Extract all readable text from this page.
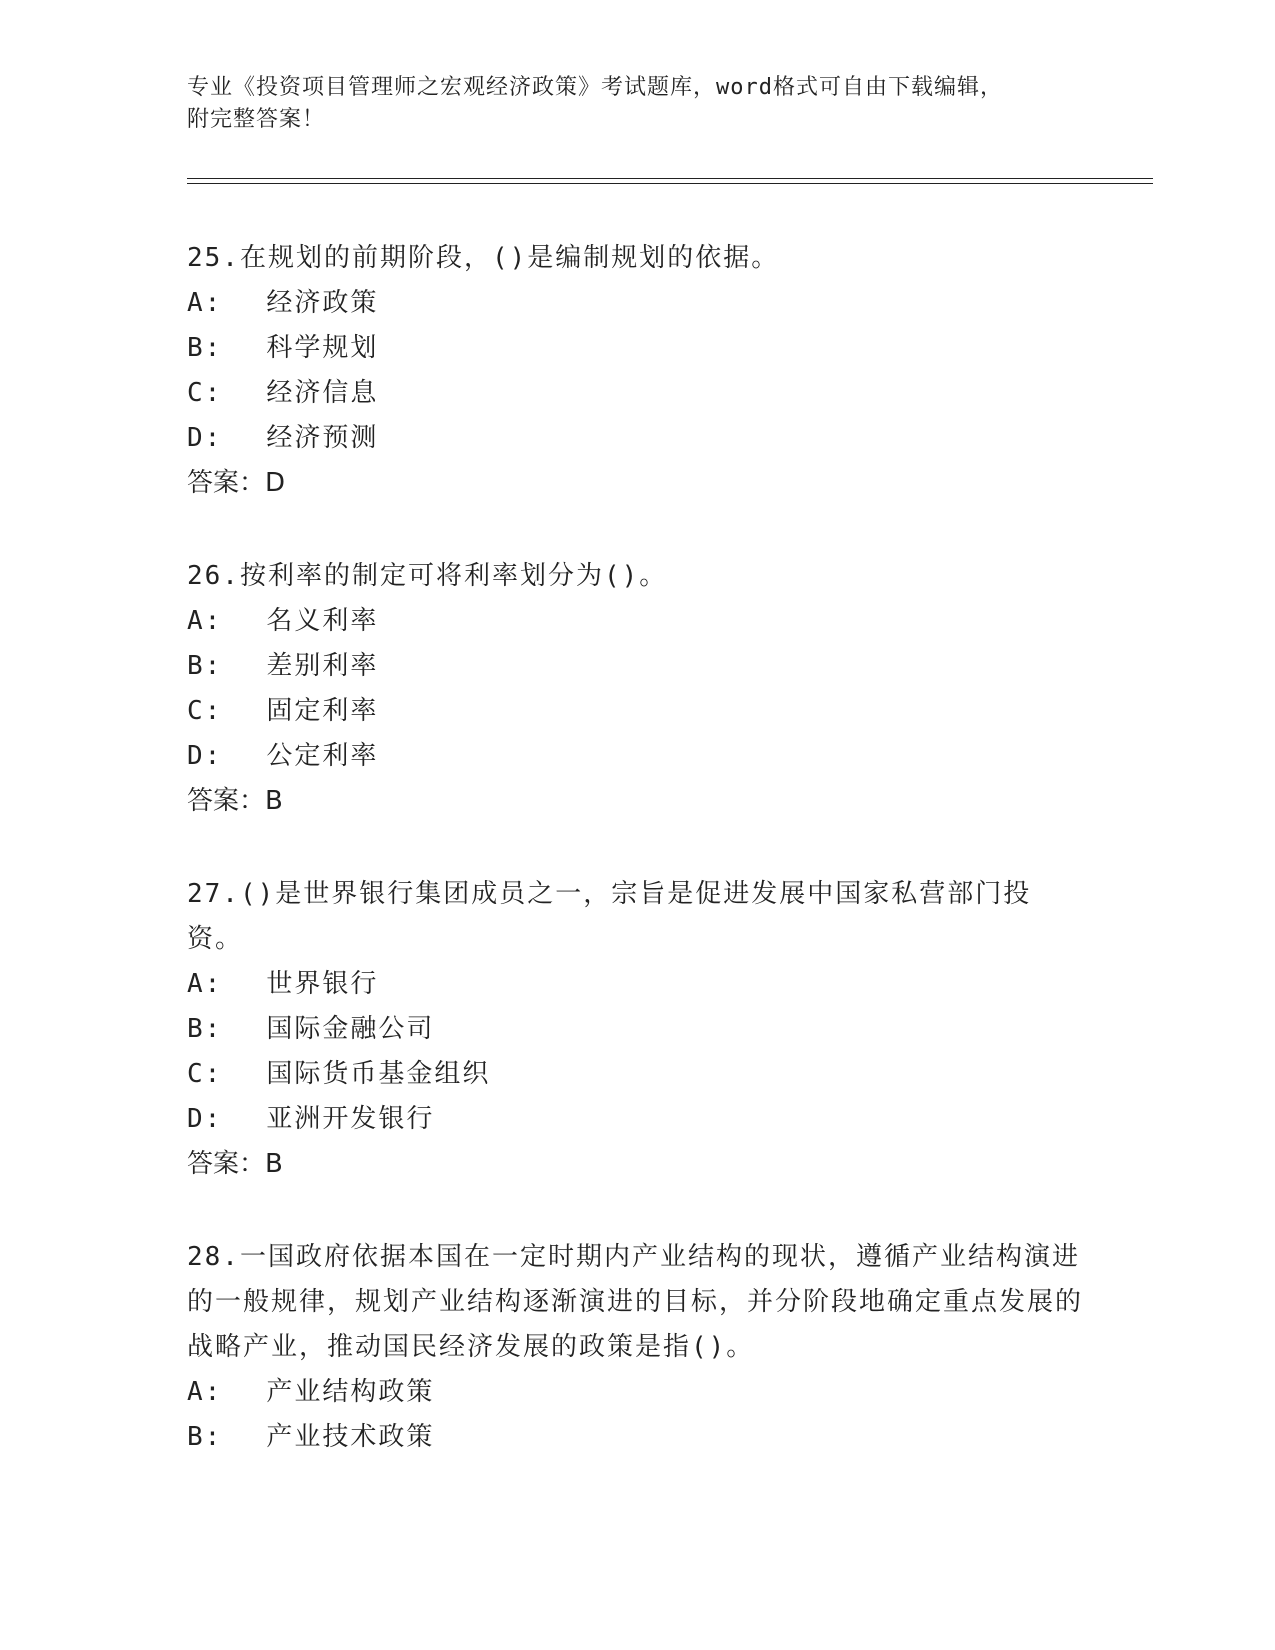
专业《投资项目管理师之宏观经济政策》考试题库，word格式可自由下载编辑，
附完整答案！

25.在规划的前期阶段，()是编制规划的依据。

A: 经济政策

B: 科学规划

C: 经济信息

D: 经济预测

答案：D

26.按利率的制定可将利率划分为()。

A: 名义利率

B: 差别利率

C: 固定利率

D: 公定利率

答案：B

27.()是世界银行集团成员之一，宗旨是促进发展中国家私营部门投资。

A: 世界银行

B: 国际金融公司

C: 国际货币基金组织

D: 亚洲开发银行

答案：B

28.一国政府依据本国在一定时期内产业结构的现状，遵循产业结构演进的一般规律，规划产业结构逐渐演进的目标，并分阶段地确定重点发展的战略产业，推动国民经济发展的政策是指()。

A: 产业结构政策

B: 产业技术政策
